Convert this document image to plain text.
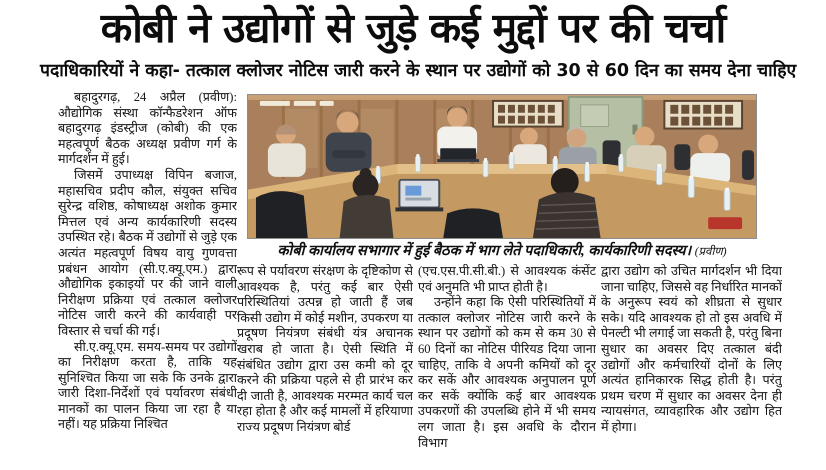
कोबी ने उद्योगों से जुड़े कई मुद्दों पर की चर्चा
पदाधिकारियों ने कहा- तत्काल क्लोजर नोटिस जारी करने के स्थान पर उद्योगों को 30 से 60 दिन का समय देना चाहिए

बहादुरगढ़, 24 अप्रैल (प्रवीण): औद्योगिक संस्था कॉन्फैडरेशन ऑफ बहादुरगढ़ इंडस्ट्रीज (कोबी) की एक महत्वपूर्ण बैठक अध्यक्ष प्रवीण गर्ग के मार्गदर्शन में हुई।

जिसमें उपाध्यक्ष विपिन बजाज, महासचिव प्रदीप कौल, संयुक्त सचिव सुरेन्द्र वशिष्ठ, कोषाध्यक्ष अशोक कुमार मित्तल एवं अन्य कार्यकारिणी सदस्य उपस्थित रहे। बैठक में उद्योगों से जुड़े एक अत्यंत महत्वपूर्ण विषय वायु गुणवत्ता प्रबंधन आयोग (सी.ए.क्यू.एम.) द्वारा औद्योगिक इकाइयों पर की जाने वाली निरीक्षण प्रक्रिया एवं तत्काल क्लोजर नोटिस जारी करने की कार्यवाही पर विस्तार से चर्चा की गई।

सी.ए.क्यू.एम. समय-समय पर उद्योगों का निरीक्षण करता है, ताकि यह सुनिश्चित किया जा सके कि उनके द्वारा जारी दिशा-निर्देशों एवं पर्यावरण संबंधी मानकों का पालन किया जा रहा है या नहीं। यह प्रक्रिया निश्चित

कोबी कार्यालय सभागार में हुई बैठक में भाग लेते पदाधिकारी, कार्यकारिणी सदस्य। (प्रवीण)

रूप से पर्यावरण संरक्षण के दृष्टिकोण से आवश्यक है, परंतु कई बार ऐसी परिस्थितियां उत्पन्न हो जाती हैं जब किसी उद्योग में कोई मशीन, उपकरण या प्रदूषण नियंत्रण संबंधी यंत्र अचानक खराब हो जाता है। ऐसी स्थिति में संबंधित उद्योग द्वारा उस कमी को दूर करने की प्रक्रिया पहले से ही प्रारंभ कर दी जाती है, आवश्यक मरम्मत कार्य चल रहा होता है और कई मामलों में हरियाणा राज्य प्रदूषण नियंत्रण बोर्ड

(एच.एस.पी.सी.बी.) से आवश्यक कंसेंट एवं अनुमति भी प्राप्त होती है।

उन्होंने कहा कि ऐसी परिस्थितियों में तत्काल क्लोजर नोटिस जारी करने के स्थान पर उद्योगों को कम से कम 30 से 60 दिनों का नोटिस पीरियड दिया जाना चाहिए, ताकि वे अपनी कमियों को दूर कर सकें और आवश्यक अनुपालन पूर्ण कर सकें क्योंकि कई बार आवश्यक उपकरणों की उपलब्धि होने में भी समय लग जाता है। इस अवधि के दौरान विभाग

द्वारा उद्योग को उचित मार्गदर्शन भी दिया जाना चाहिए, जिससे वह निर्धारित मानकों के अनुरूप स्वयं को शीघ्रता से सुधार सके। यदि आवश्यक हो तो इस अवधि में पेनल्टी भी लगाई जा सकती है, परंतु बिना सुधार का अवसर दिए तत्काल बंदी उद्योगों और कर्मचारियों दोनों के लिए अत्यंत हानिकारक सिद्ध होती है। परंतु प्रथम चरण में सुधार का अवसर देना ही न्यायसंगत, व्यावहारिक और उद्योग हित में होगा।
